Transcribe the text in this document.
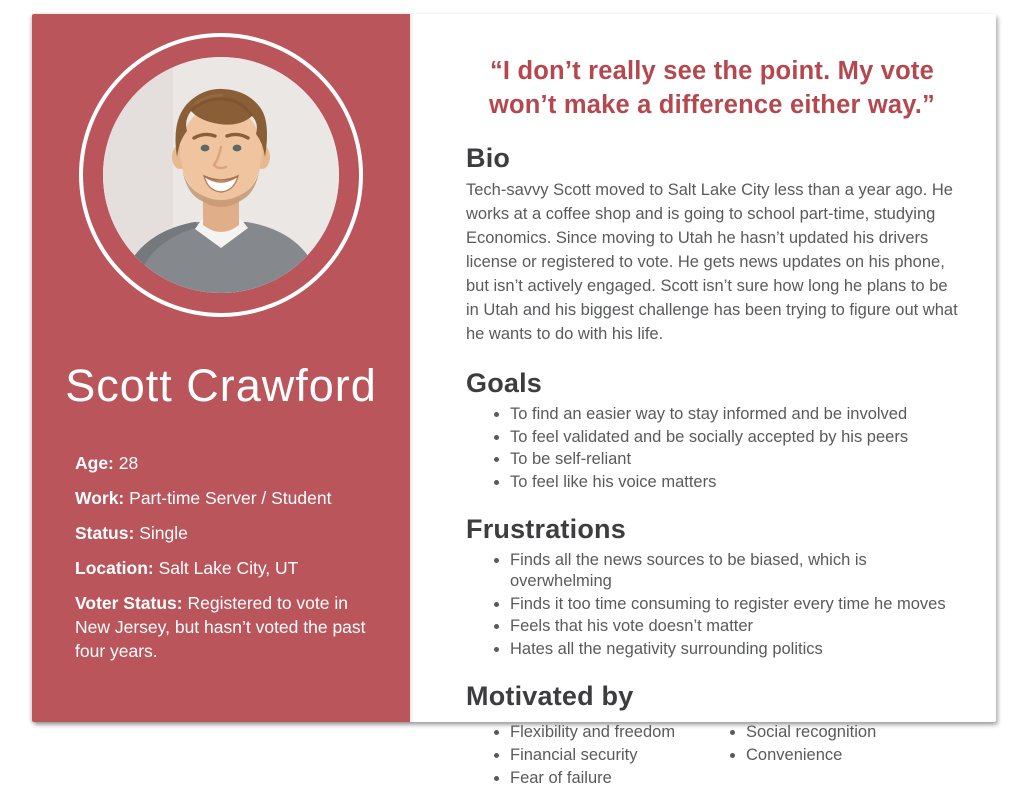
Scott Crawford
Age: 28
Work: Part-time Server / Student
Status: Single
Location: Salt Lake City, UT
Voter Status: Registered to vote in New Jersey, but hasn’t voted the past four years.
“I don’t really see the point. My vote won’t make a difference either way.”
Bio

Tech-savvy Scott moved to Salt Lake City less than a year ago. He works at a coffee shop and is going to school part-time, studying Economics. Since moving to Utah he hasn’t updated his drivers license or registered to vote. He gets news updates on his phone, but isn’t actively engaged. Scott isn’t sure how long he plans to be in Utah and his biggest challenge has been trying to figure out what he wants to do with his life.

Goals
• To find an easier way to stay informed and be involved
• To feel validated and be socially accepted by his peers
• To be self-reliant
• To feel like his voice matters
Frustrations
• Finds all the news sources to be biased, which is overwhelming
• Finds it too time consuming to register every time he moves
• Feels that his vote doesn’t matter
• Hates all the negativity surrounding politics
Motivated by
• Flexibility and freedom
• Financial security
• Fear of failure
• Social recognition
• Convenience
